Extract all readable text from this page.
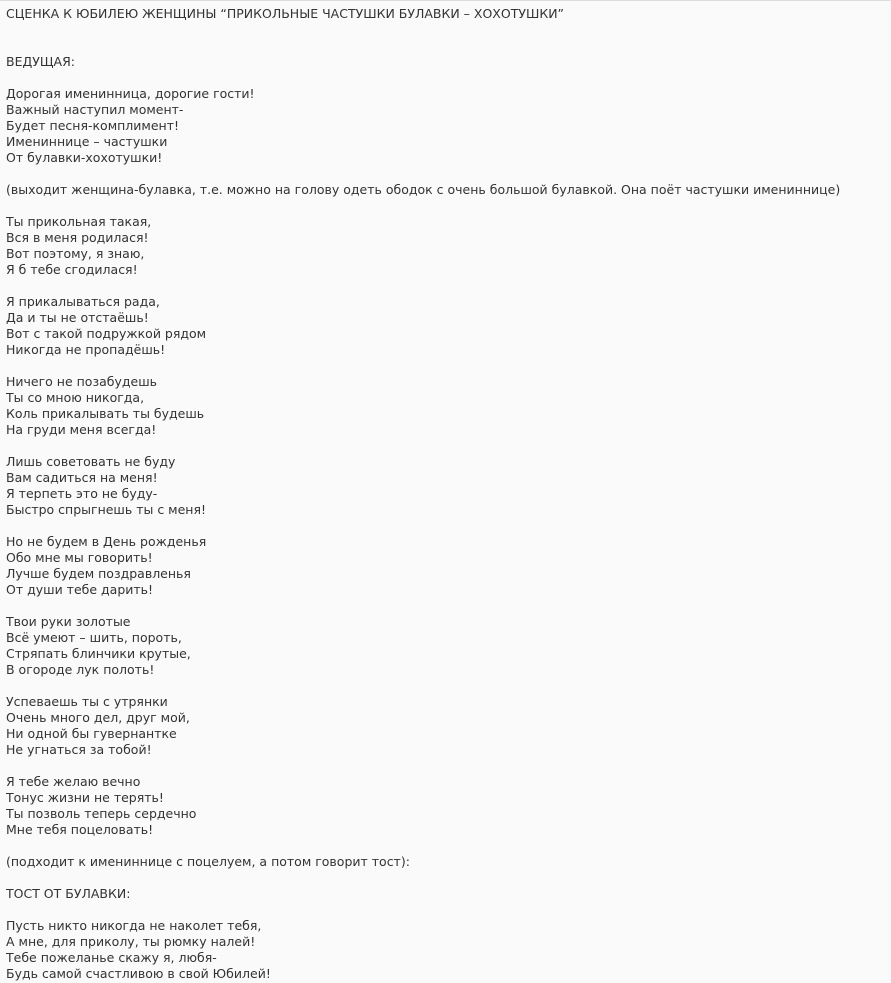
СЦЕНКА К ЮБИЛЕЮ ЖЕНЩИНЫ “ПРИКОЛЬНЫЕ ЧАСТУШКИ БУЛАВКИ – ХОХОТУШКИ”
ВЕДУЩАЯ:
Дорогая именинница, дорогие гости!
Важный наступил момент-
Будет песня-комплимент!
Имениннице – частушки
От булавки-хохотушки!
(выходит женщина-булавка, т.е. можно на голову одеть ободок с очень большой булавкой. Она поёт частушки имениннице)
Ты прикольная такая,
Вся в меня родилася!
Вот поэтому, я знаю,
Я б тебе сгодилася!
Я прикалываться рада,
Да и ты не отстаёшь!
Вот с такой подружкой рядом
Никогда не пропадёшь!
Ничего не позабудешь
Ты со мною никогда,
Коль прикалывать ты будешь
На груди меня всегда!
Лишь советовать не буду
Вам садиться на меня!
Я терпеть это не буду-
Быстро спрыгнешь ты с меня!
Но не будем в День рожденья
Обо мне мы говорить!
Лучше будем поздравленья
От души тебе дарить!
Твои руки золотые
Всё умеют – шить, пороть,
Стряпать блинчики крутые,
В огороде лук полоть!
Успеваешь ты с утрянки
Очень много дел, друг мой,
Ни одной бы гувернантке
Не угнаться за тобой!
Я тебе желаю вечно
Тонус жизни не терять!
Ты позволь теперь сердечно
Мне тебя поцеловать!
(подходит к имениннице с поцелуем, а потом говорит тост):
ТОСТ ОТ БУЛАВКИ:
Пусть никто никогда не наколет тебя,
А мне, для приколу, ты рюмку налей!
Тебе пожеланье скажу я, любя-
Будь самой счастливою в свой Юбилей!
